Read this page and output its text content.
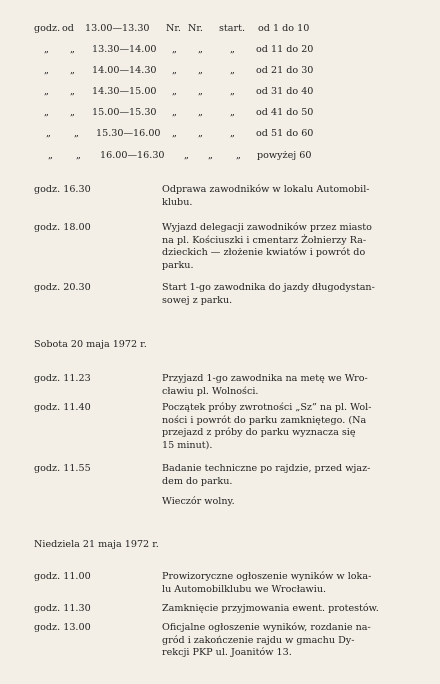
godz. od 13.00—13.30 Nr. Nr. start. od 1 do 10
„ „ 13.30—14.00 „ „	„ od 11 do 20
„ „ 14.00—14.30 „ „	„ od 21 do 30
„ „ 14.30—15.00 „ „	„ od 31 do 40
„ „ 15.00—15.30 „ „	„ od 41 do 50
„ „ 15.30—16.00 „ „	„ od 51 do 60
„ „ 16.00—16.30 „ „ „ powyżej 60
godz. 16.30	Odprawa zawodników w lokalu Automobil-
klubu.
godz. 18.00	Wyjazd delegacji zawodników przez miasto
na pl. Kościuszki i cmentarz Żołnierzy Ra-
dzieckich — złożenie kwiatów i powrót do
parku.
godz. 20.30	Start 1-go zawodnika do jazdy długodystan-
sowej z parku.
Sobota 20 maja 1972 r.
godz. 11.23	Przyjazd 1-go zawodnika na metę we Wro-
cławiu pl. Wolności.
godz. 11.40	Początek próby zwrotności „Sz” na pl. Wol-
ności i powrót do parku zamkniętego. (Na
przejazd z próby do parku wyznacza się
15 minut).
godz. 11.55	Badanie techniczne po rajdzie, przed wjaz-
dem do parku.
Wieczór wolny.
Niedziela 21 maja 1972 r.
godz. 11.00	Prowizoryczne ogłoszenie wyników w loka-
lu Automobilklubu we Wrocławiu.
godz. 11.30	Zamknięcie przyjmowania ewent. protestów.
godz. 13.00	Oficjalne ogłoszenie wyników, rozdanie na-
gród i zakończenie rajdu w gmachu Dy-
rekcji PKP ul. Joanitów 13.
